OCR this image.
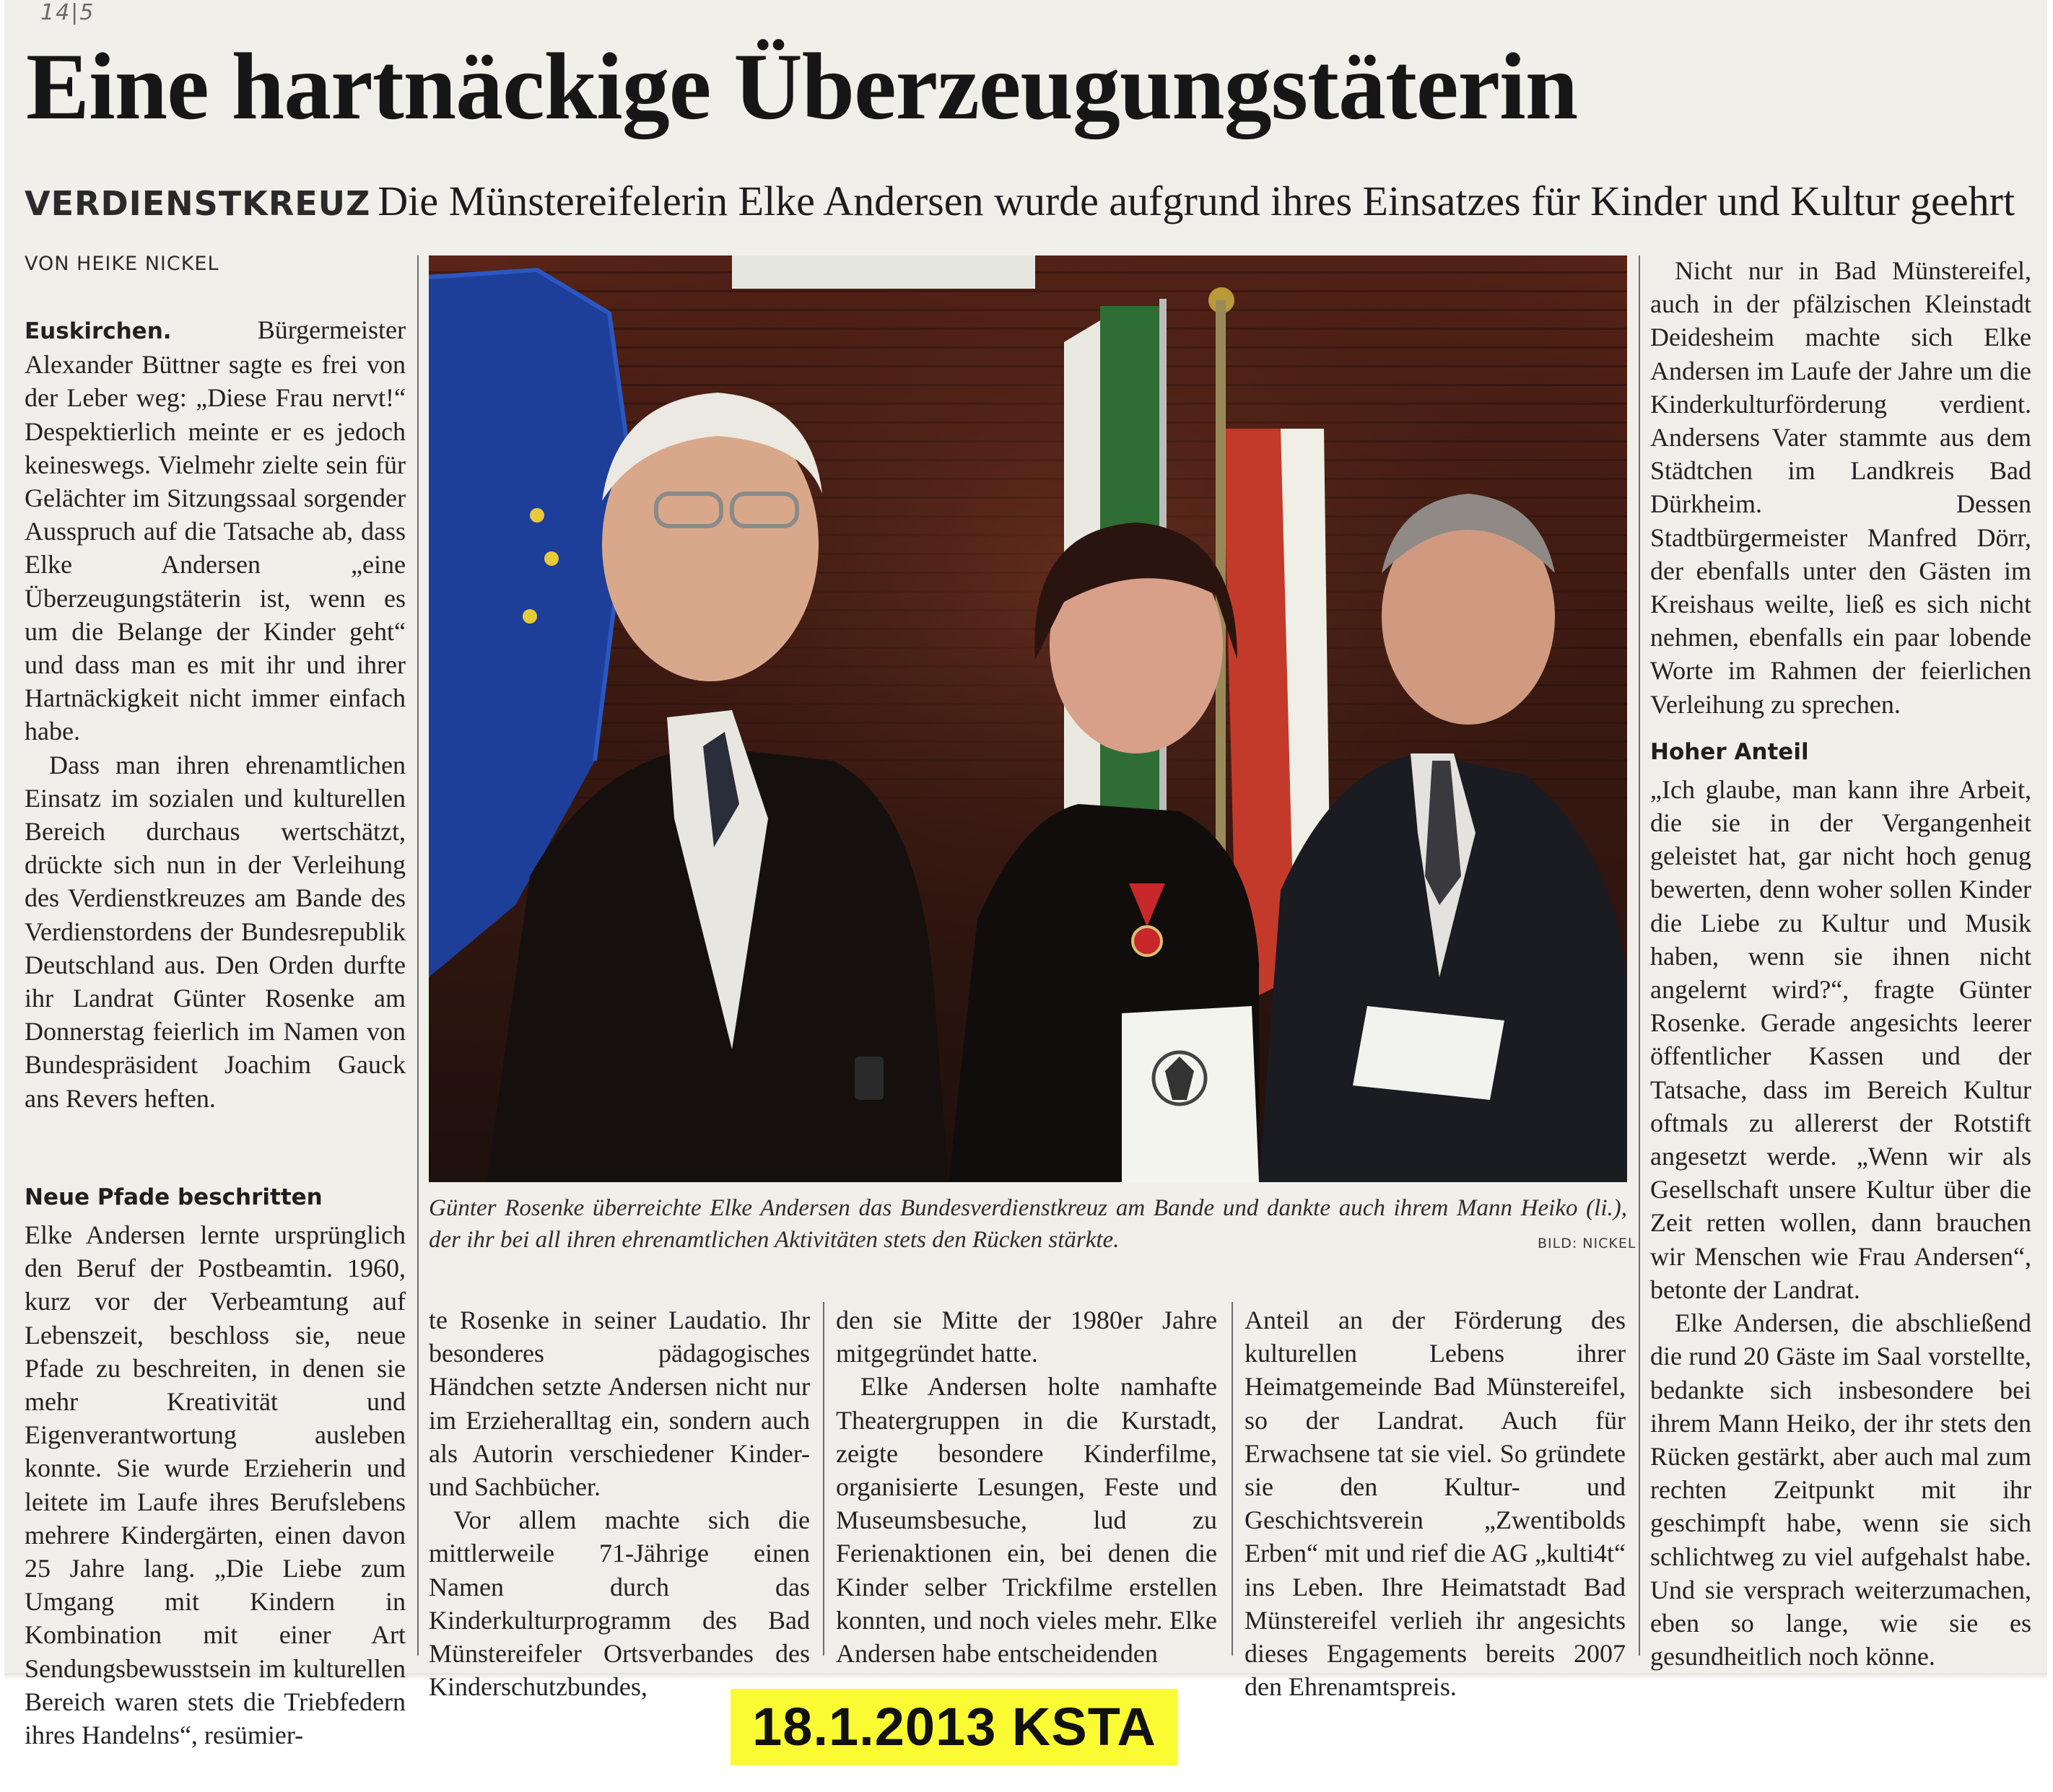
14|5
Eine hartnäckige Überzeugungstäterin
VERDIENSTKREUZ Die Münstereifelerin Elke Andersen wurde aufgrund ihres Einsatzes für Kinder und Kultur geehrt
VON HEIKE NICKEL

Euskirchen.	Bürgermeister Alexander Büttner sagte es frei von der Leber weg: „Diese Frau nervt!“ Despektierlich meinte er es jedoch keineswegs. Vielmehr zielte sein für Gelächter im Sitzungssaal sorgender Ausspruch auf die Tatsache ab, dass Elke Andersen „eine Überzeugungstäterin ist, wenn es um die Belange der Kinder geht“ und dass man es mit ihr und ihrer Hartnäckigkeit nicht immer einfach habe.

Dass man ihren ehrenamtlichen Einsatz im sozialen und kulturellen Bereich durchaus wertschätzt, drückte sich nun in der Verleihung des Verdienstkreuzes am Bande des Verdienstordens der Bundesrepublik Deutschland aus. Den Orden durfte ihr Landrat Günter Rosenke am Donnerstag feierlich im Namen von Bundespräsident Joachim Gauck ans Revers heften.

Neue Pfade beschritten

Elke Andersen lernte ursprünglich den Beruf der Postbeamtin. 1960, kurz vor der Verbeamtung auf Lebenszeit, beschloss sie, neue Pfade zu beschreiten, in denen sie mehr Kreativität und Eigenverantwortung ausleben konnte. Sie wurde Erzieherin und leitete im Laufe ihres Berufslebens mehrere Kindergärten, einen davon 25 Jahre lang. „Die Liebe zum Umgang mit Kindern in Kombination mit einer Art Sendungsbewusstsein im kulturellen Bereich waren stets die Triebfedern ihres Handelns“, resümier-

Günter Rosenke überreichte Elke Andersen das Bundesverdienstkreuz am Bande und dankte auch ihrem Mann Heiko (li.), der ihr bei all ihren ehrenamtlichen Aktivitäten stets den Rücken stärkte.	BILD: NICKEL

te Rosenke in seiner Laudatio. Ihr besonderes pädagogisches Händchen setzte Andersen nicht nur im Erzieheralltag ein, sondern auch als Autorin verschiedener Kinder- und Sachbücher.

Vor allem machte sich die mittlerweile 71-Jährige einen Namen durch das Kinderkulturprogramm des Bad Münstereifeler Ortsverbandes des Kinderschutzbundes,

den sie Mitte der 1980er Jahre mitgegründet hatte.

Elke Andersen holte namhafte Theatergruppen in die Kurstadt, zeigte besondere Kinderfilme, organisierte Lesungen, Feste und Museumsbesuche, lud zu Ferienaktionen ein, bei denen die Kinder selber Trickfilme erstellen konnten, und noch vieles mehr. Elke Andersen habe entscheidenden

Anteil an der Förderung des kulturellen Lebens ihrer Heimatgemeinde Bad Münstereifel, so der Landrat. Auch für Erwachsene tat sie viel. So gründete sie den Kultur- und Geschichtsverein „Zwentibolds Erben“ mit und rief die AG „kulti4t“ ins Leben. Ihre Heimatstadt Bad Münstereifel verlieh ihr angesichts dieses Engagements bereits 2007 den Ehrenamtspreis.

Nicht nur in Bad Münstereifel, auch in der pfälzischen Kleinstadt Deidesheim machte sich Elke Andersen im Laufe der Jahre um die Kinderkulturförderung verdient. Andersens Vater stammte aus dem Städtchen im Landkreis Bad Dürkheim. Dessen Stadtbürgermeister Manfred Dörr, der ebenfalls unter den Gästen im Kreishaus weilte, ließ es sich nicht nehmen, ebenfalls ein paar lobende Worte im Rahmen der feierlichen Verleihung zu sprechen.

Hoher Anteil

„Ich glaube, man kann ihre Arbeit, die sie in der Vergangenheit geleistet hat, gar nicht hoch genug bewerten, denn woher sollen Kinder die Liebe zu Kultur und Musik haben, wenn sie ihnen nicht angelernt wird?“, fragte Günter Rosenke. Gerade angesichts leerer öffentlicher Kassen und der Tatsache, dass im Bereich Kultur oftmals zu allererst der Rotstift angesetzt werde. „Wenn wir als Gesellschaft unsere Kultur über die Zeit retten wollen, dann brauchen wir Menschen wie Frau Andersen“, betonte der Landrat.

Elke Andersen, die abschließend die rund 20 Gäste im Saal vorstellte, bedankte sich insbesondere bei ihrem Mann Heiko, der ihr stets den Rücken gestärkt, aber auch mal zum rechten Zeitpunkt mit ihr geschimpft habe, wenn sie sich schlichtweg zu viel aufgehalst habe. Und sie versprach weiterzumachen, eben so lange, wie sie es gesundheitlich noch könne.

18.1.2013 KSTA
